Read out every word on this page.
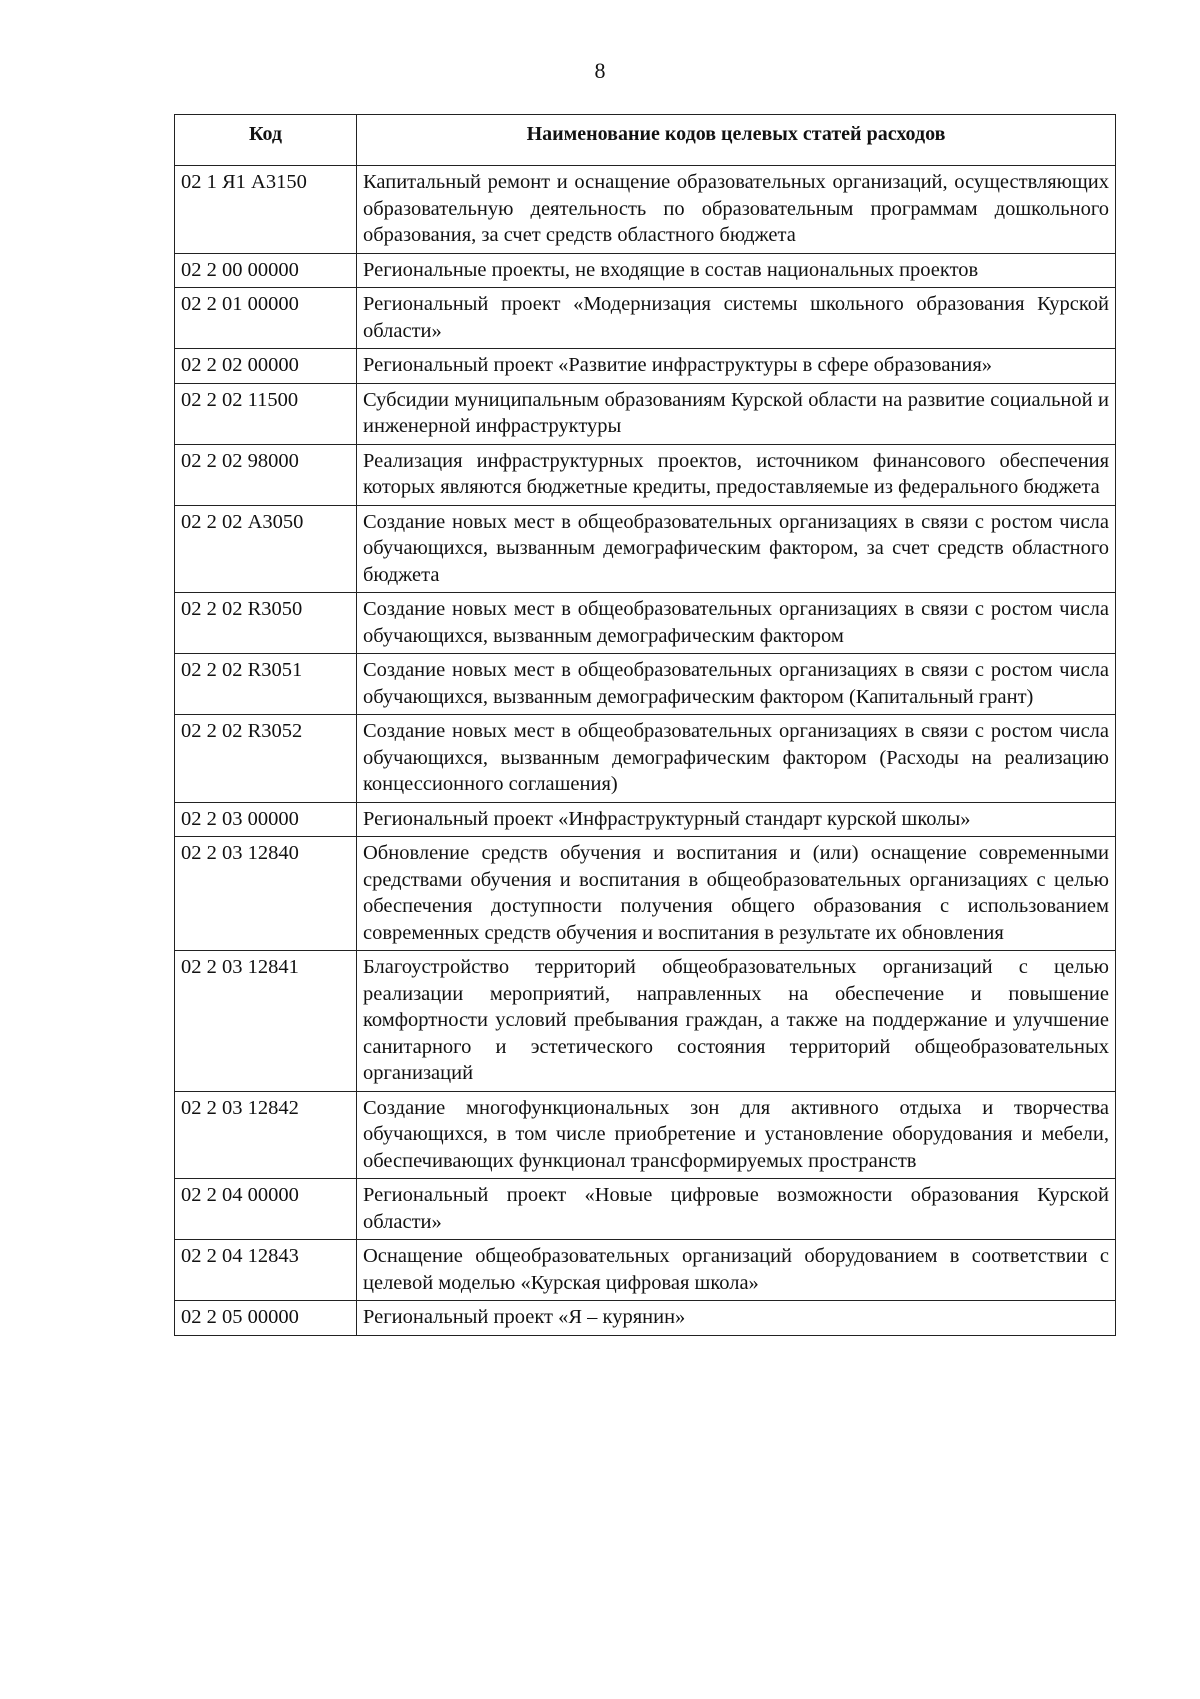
8
Код	Наименование кодов целевых статей расходов
02 1 Я1 А3150	Капитальный ремонт и оснащение образовательных организаций, осуществляющих образовательную деятельность по образовательным программам дошкольного образования, за счет средств областного бюджета
02 2 00 00000	Региональные проекты, не входящие в состав национальных проектов
02 2 01 00000	Региональный проект «Модернизация системы школьного образования Курской области»
02 2 02 00000	Региональный проект «Развитие инфраструктуры в сфере образования»
02 2 02 11500	Субсидии муниципальным образованиям Курской области на развитие социальной и инженерной инфраструктуры
02 2 02 98000	Реализация инфраструктурных проектов, источником финансового обеспечения которых являются бюджетные кредиты, предоставляемые из федерального бюджета
02 2 02 А3050	Создание новых мест в общеобразовательных организациях в связи с ростом числа обучающихся, вызванным демографическим фактором, за счет средств областного бюджета
02 2 02 R3050	Создание новых мест в общеобразовательных организациях в связи с ростом числа обучающихся, вызванным демографическим фактором
02 2 02 R3051	Создание новых мест в общеобразовательных организациях в связи с ростом числа обучающихся, вызванным демографическим фактором (Капитальный грант)
02 2 02 R3052	Создание новых мест в общеобразовательных организациях в связи с ростом числа обучающихся, вызванным демографическим фактором (Расходы на реализацию концессионного соглашения)
02 2 03 00000	Региональный проект «Инфраструктурный стандарт курской школы»
02 2 03 12840	Обновление средств обучения и воспитания и (или) оснащение современными средствами обучения и воспитания в общеобразовательных организациях с целью обеспечения доступности получения общего образования с использованием современных средств обучения и воспитания в результате их обновления
02 2 03 12841	Благоустройство территорий общеобразовательных организаций с целью реализации мероприятий, направленных на обеспечение и повышение комфортности условий пребывания граждан, а также на поддержание и улучшение санитарного и эстетического состояния территорий общеобразовательных организаций
02 2 03 12842	Создание многофункциональных зон для активного отдыха и творчества обучающихся, в том числе приобретение и установление оборудования и мебели, обеспечивающих функционал трансформируемых пространств
02 2 04 00000	Региональный проект «Новые цифровые возможности образования Курской области»
02 2 04 12843	Оснащение общеобразовательных организаций оборудованием в соответствии с целевой моделью «Курская цифровая школа»
02 2 05 00000	Региональный проект «Я – курянин»
